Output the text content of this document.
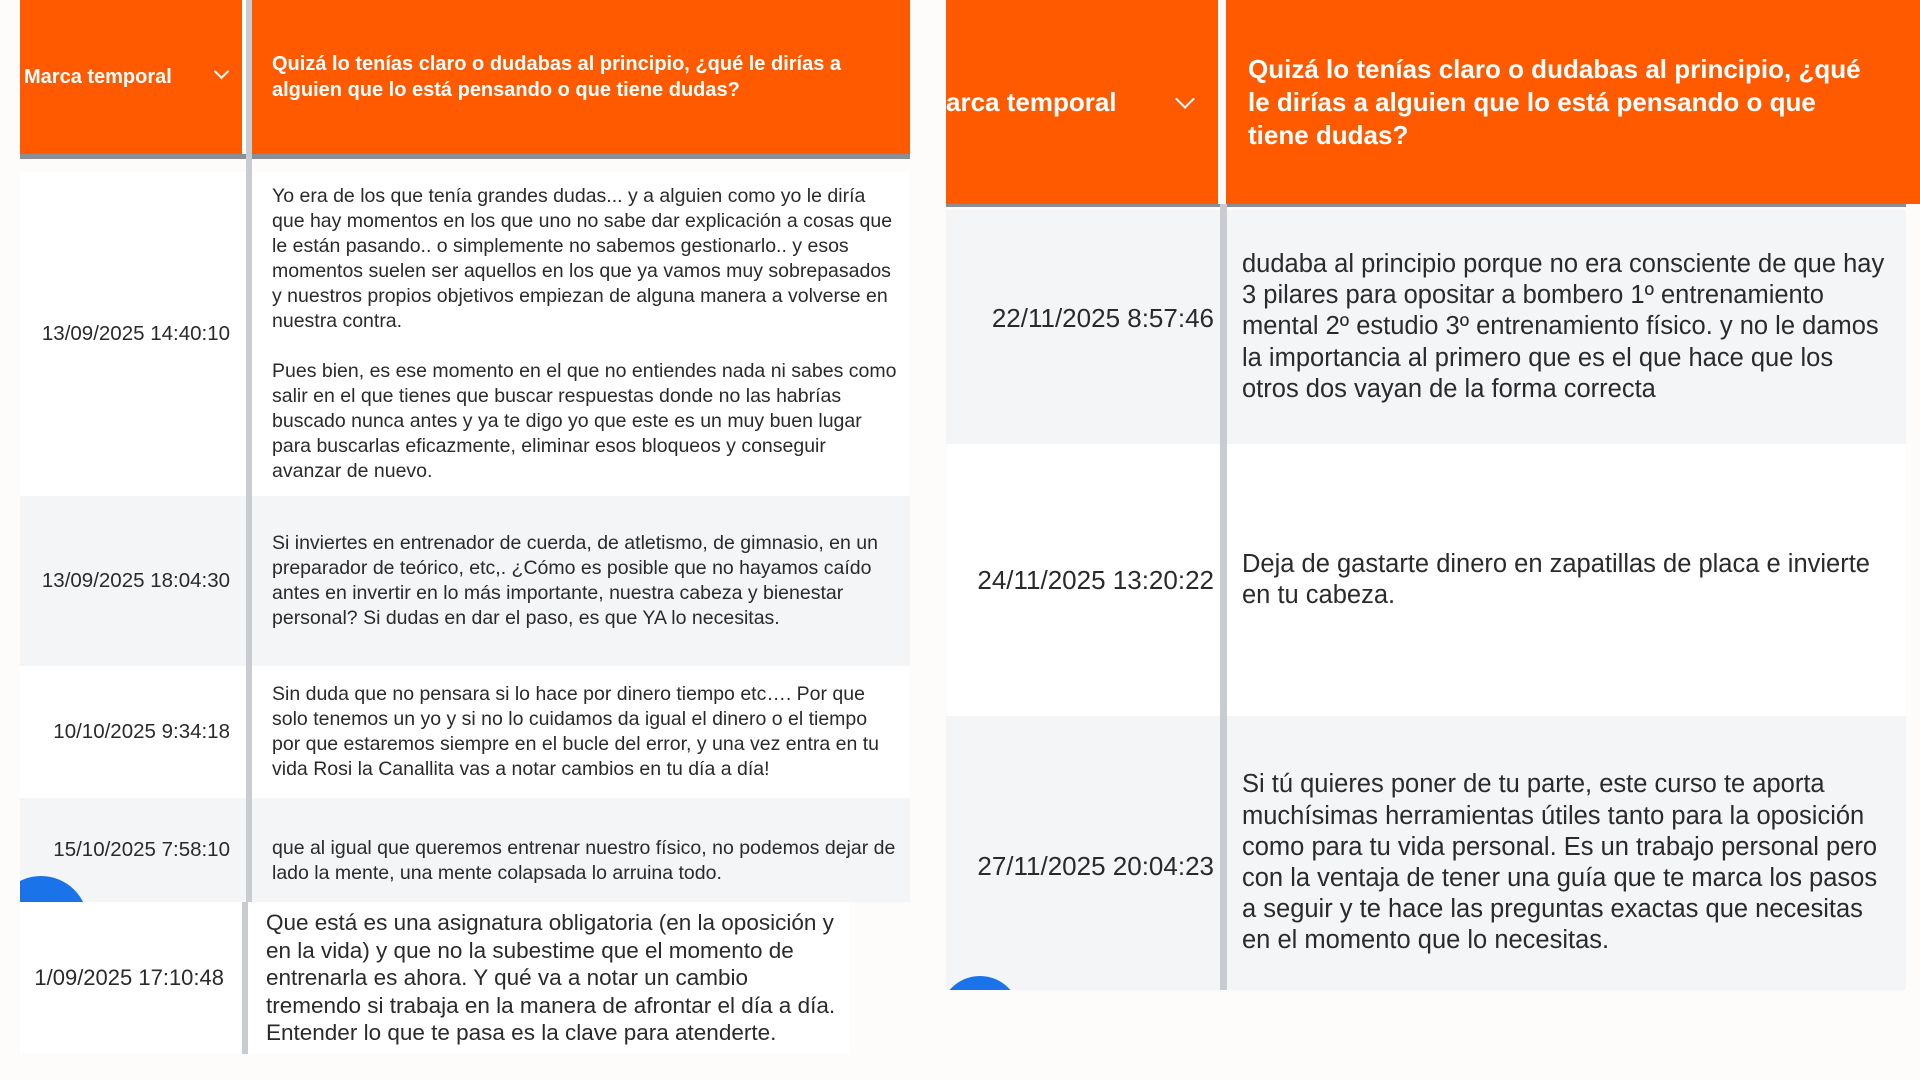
Marca temporal
Quizá lo tenías claro o dudabas al principio, ¿qué le dirías a alguien que lo está pensando o que tiene dudas?
13/09/2025 14:40:10

Yo era de los que tenía grandes dudas... y a alguien como yo le diría que hay momentos en los que uno no sabe dar explicación a cosas que le están pasando.. o simplemente no sabemos gestionarlo.. y esos momentos suelen ser aquellos en los que ya vamos muy sobrepasados y nuestros propios objetivos empiezan de alguna manera a volverse en nuestra contra.

Pues bien, es ese momento en el que no entiendes nada ni sabes como salir en el que tienes que buscar respuestas donde no las habrías buscado nunca antes y ya te digo yo que este es un muy buen lugar para buscarlas eficazmente, eliminar esos bloqueos y conseguir avanzar de nuevo.

13/09/2025 18:04:30

Si inviertes en entrenador de cuerda, de atletismo, de gimnasio, en un preparador de teórico, etc,. ¿Cómo es posible que no hayamos caído antes en invertir en lo más importante, nuestra cabeza y bienestar personal? Si dudas en dar el paso, es que YA lo necesitas.

10/10/2025 9:34:18

Sin duda que no pensara si lo hace por dinero tiempo etc…. Por que solo tenemos un yo y si no lo cuidamos da igual el dinero o el tiempo por que estaremos siempre en el bucle del error, y una vez entra en tu vida Rosi la Canallita vas a notar cambios en tu día a día!

15/10/2025 7:58:10	que al igual que queremos entrenar nuestro físico, no podemos dejar de lado la mente, una mente colapsada lo arruina todo.

1/09/2025 17:10:48

Que está es una asignatura obligatoria (en la oposición y en la vida) y que no la subestime que el momento de entrenarla es ahora. Y qué va a notar un cambio tremendo si trabaja en la manera de afrontar el día a día. Entender lo que te pasa es la clave para atenderte.

arca temporal
Quizá lo tenías claro o dudabas al principio, ¿qué le dirías a alguien que lo está pensando o que tiene dudas?
22/11/2025 8:57:46

dudaba al principio porque no era consciente de que hay 3 pilares para opositar a bombero 1º entrenamiento mental 2º estudio 3º entrenamiento físico. y no le damos la importancia al primero que es el que hace que los otros dos vayan de la forma correcta

24/11/2025 13:20:22

Deja de gastarte dinero en zapatillas de placa e invierte en tu cabeza.

27/11/2025 20:04:23

Si tú quieres poner de tu parte, este curso te aporta muchísimas herramientas útiles tanto para la oposición como para tu vida personal. Es un trabajo personal pero con la ventaja de tener una guía que te marca los pasos a seguir y te hace las preguntas exactas que necesitas en el momento que lo necesitas.
